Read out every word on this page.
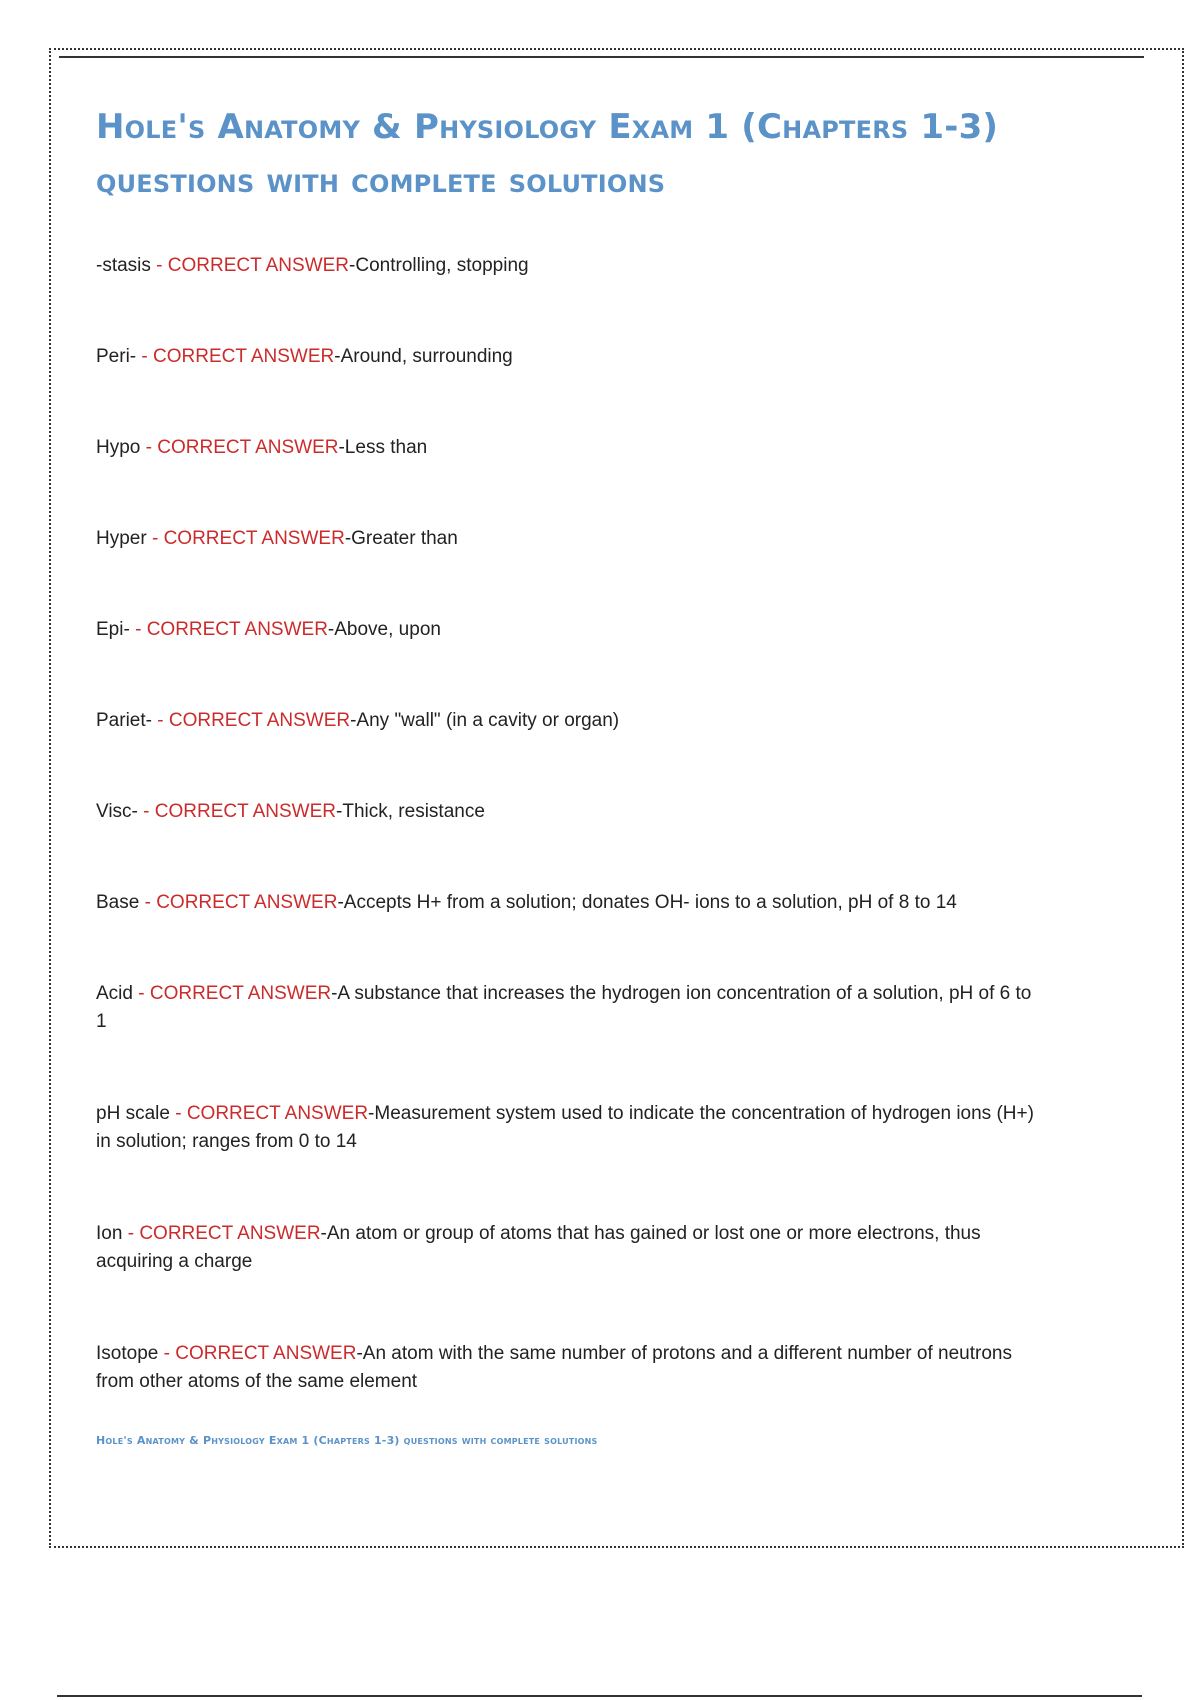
Hole's Anatomy & Physiology Exam 1 (Chapters 1-3) questions with complete solutions
-stasis - CORRECT ANSWER-Controlling, stopping
Peri- - CORRECT ANSWER-Around, surrounding
Hypo - CORRECT ANSWER-Less than
Hyper - CORRECT ANSWER-Greater than
Epi- - CORRECT ANSWER-Above, upon
Pariet- - CORRECT ANSWER-Any "wall" (in a cavity or organ)
Visc- - CORRECT ANSWER-Thick, resistance
Base - CORRECT ANSWER-Accepts H+ from a solution; donates OH- ions to a solution, pH of 8 to 14
Acid - CORRECT ANSWER-A substance that increases the hydrogen ion concentration of a solution, pH of 6 to 1
pH scale - CORRECT ANSWER-Measurement system used to indicate the concentration of hydrogen ions (H+) in solution; ranges from 0 to 14
Ion - CORRECT ANSWER-An atom or group of atoms that has gained or lost one or more electrons, thus acquiring a charge
Isotope - CORRECT ANSWER-An atom with the same number of protons and a different number of neutrons from other atoms of the same element
Hole's Anatomy & Physiology Exam 1 (Chapters 1-3) questions with complete solutions
